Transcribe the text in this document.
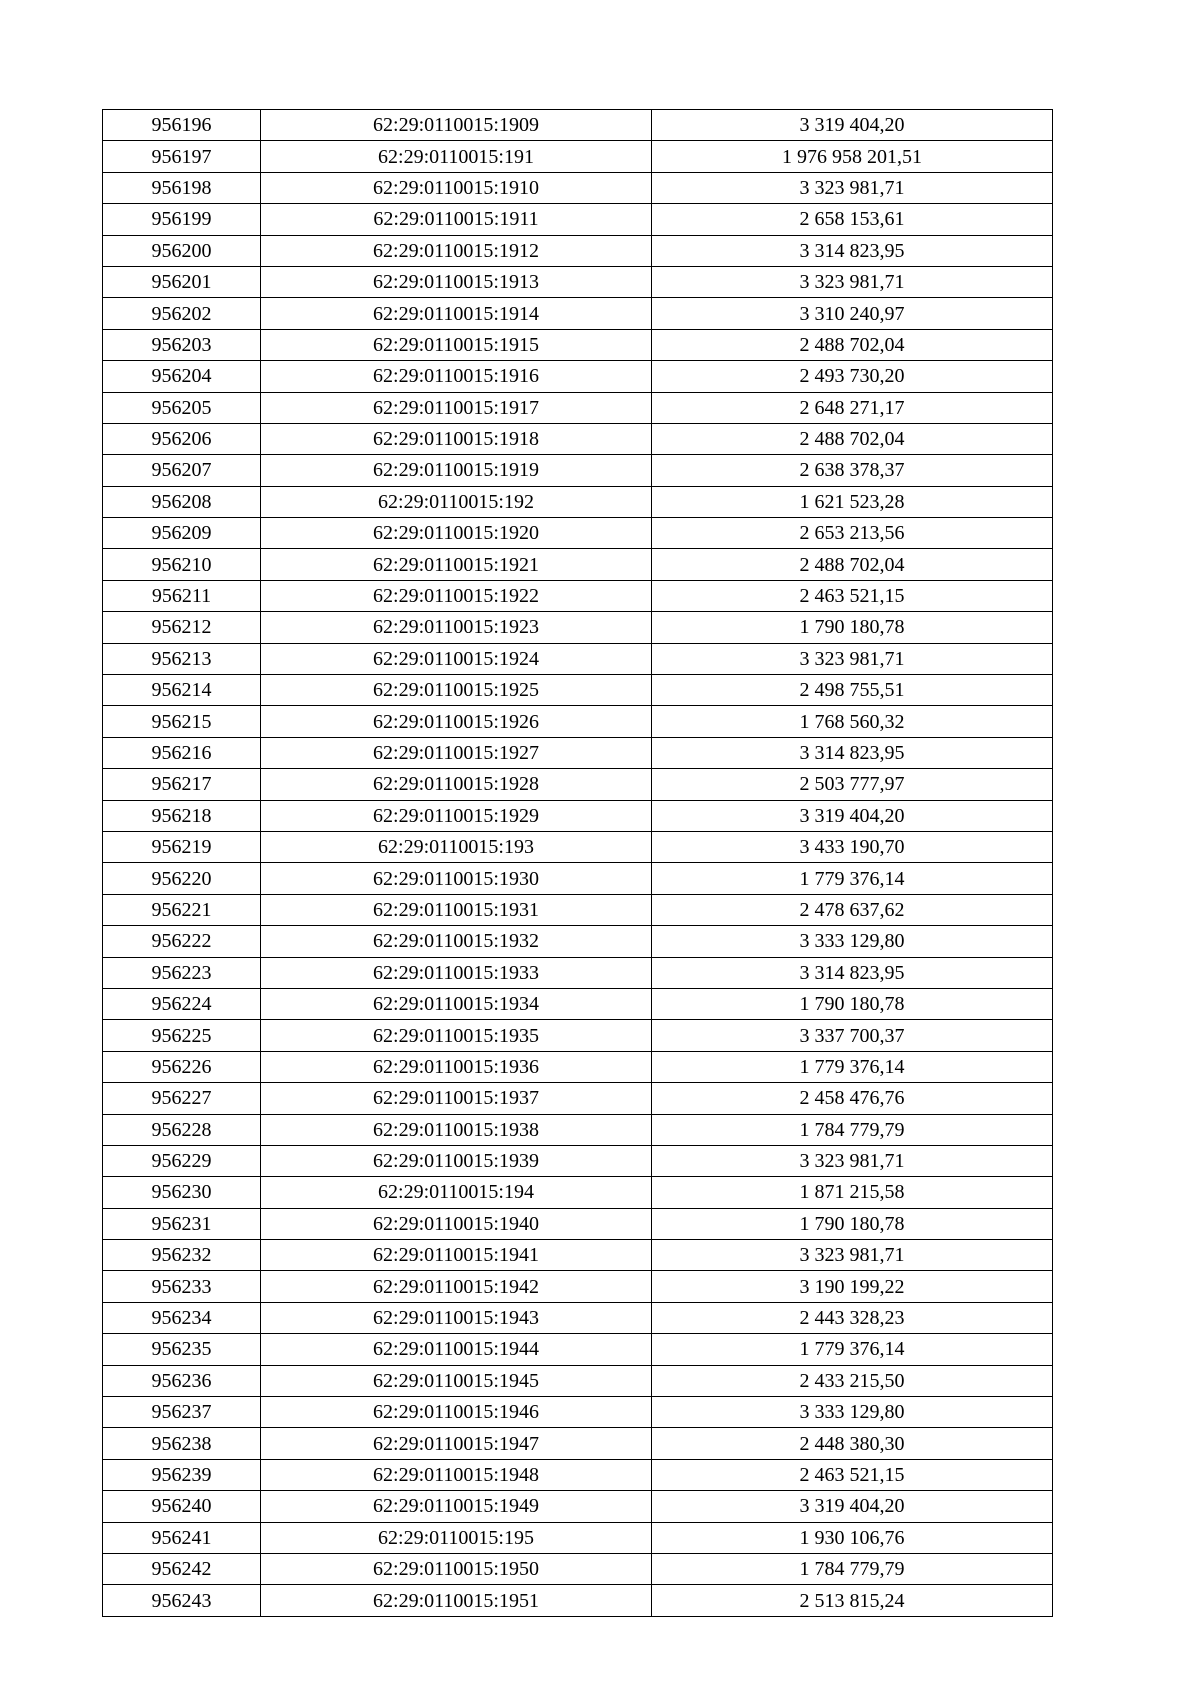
956196	62:29:0110015:1909	3 319 404,20
956197	62:29:0110015:191	1 976 958 201,51
956198	62:29:0110015:1910	3 323 981,71
956199	62:29:0110015:1911	2 658 153,61
956200	62:29:0110015:1912	3 314 823,95
956201	62:29:0110015:1913	3 323 981,71
956202	62:29:0110015:1914	3 310 240,97
956203	62:29:0110015:1915	2 488 702,04
956204	62:29:0110015:1916	2 493 730,20
956205	62:29:0110015:1917	2 648 271,17
956206	62:29:0110015:1918	2 488 702,04
956207	62:29:0110015:1919	2 638 378,37
956208	62:29:0110015:192	1 621 523,28
956209	62:29:0110015:1920	2 653 213,56
956210	62:29:0110015:1921	2 488 702,04
956211	62:29:0110015:1922	2 463 521,15
956212	62:29:0110015:1923	1 790 180,78
956213	62:29:0110015:1924	3 323 981,71
956214	62:29:0110015:1925	2 498 755,51
956215	62:29:0110015:1926	1 768 560,32
956216	62:29:0110015:1927	3 314 823,95
956217	62:29:0110015:1928	2 503 777,97
956218	62:29:0110015:1929	3 319 404,20
956219	62:29:0110015:193	3 433 190,70
956220	62:29:0110015:1930	1 779 376,14
956221	62:29:0110015:1931	2 478 637,62
956222	62:29:0110015:1932	3 333 129,80
956223	62:29:0110015:1933	3 314 823,95
956224	62:29:0110015:1934	1 790 180,78
956225	62:29:0110015:1935	3 337 700,37
956226	62:29:0110015:1936	1 779 376,14
956227	62:29:0110015:1937	2 458 476,76
956228	62:29:0110015:1938	1 784 779,79
956229	62:29:0110015:1939	3 323 981,71
956230	62:29:0110015:194	1 871 215,58
956231	62:29:0110015:1940	1 790 180,78
956232	62:29:0110015:1941	3 323 981,71
956233	62:29:0110015:1942	3 190 199,22
956234	62:29:0110015:1943	2 443 328,23
956235	62:29:0110015:1944	1 779 376,14
956236	62:29:0110015:1945	2 433 215,50
956237	62:29:0110015:1946	3 333 129,80
956238	62:29:0110015:1947	2 448 380,30
956239	62:29:0110015:1948	2 463 521,15
956240	62:29:0110015:1949	3 319 404,20
956241	62:29:0110015:195	1 930 106,76
956242	62:29:0110015:1950	1 784 779,79
956243	62:29:0110015:1951	2 513 815,24
